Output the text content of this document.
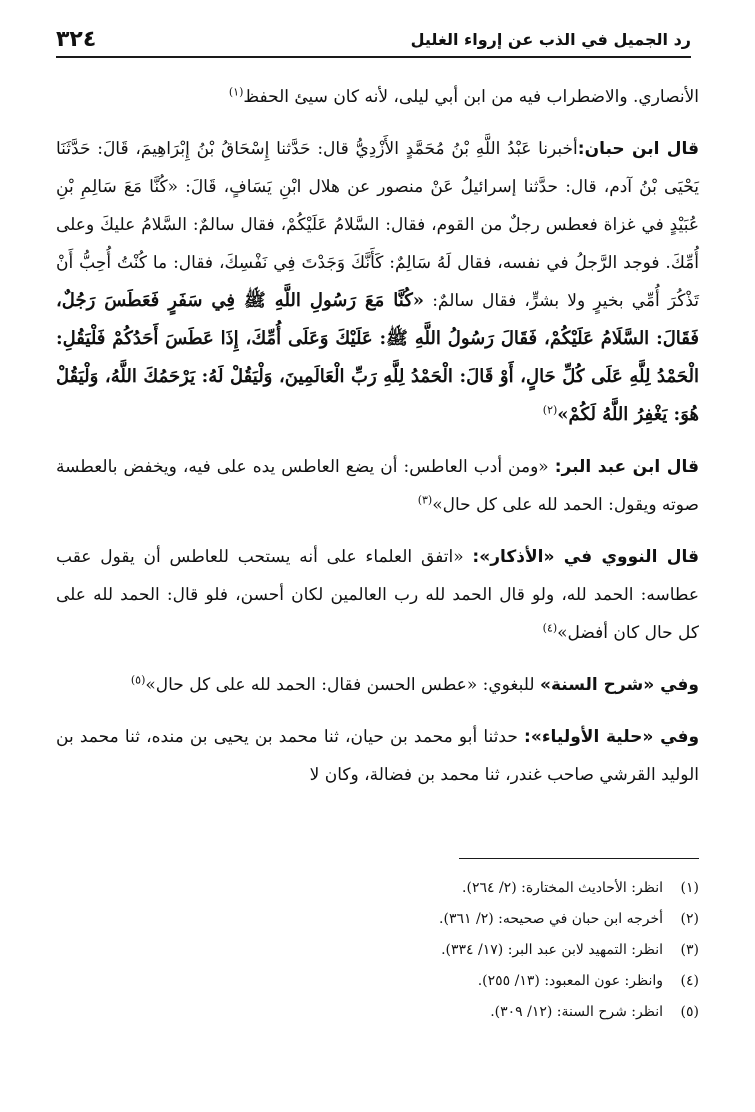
رد الجميل في الذب عن إرواء الغليل
٣٢٤

الأنصاري. والاضطراب فيه من ابن أبي ليلى، لأنه كان سيئ الحفظ$^{(١)}$

قال ابن حبان:أخبرنا عَبْدُ اللَّهِ بْنُ مُحَمَّدٍ الأَزْدِيُّ قال: حَدَّثنا إِسْحَاقُ بْنُ إِبْرَاهِيمَ، قَالَ: حَدَّثَنَا يَحْيَى بْنُ آدم، قال: حدَّثنا إسرائيلُ عَنْ منصور عن هلال ابْنِ يَسَافٍ، قَالَ: «كُنَّا مَعَ سَالِمِ بْنِ عُبَيْدٍ في غزاة فعطس رجلٌ من القوم، فقال: السَّلامُ عَلَيْكُمْ، فقال سالمٌ: السَّلامُ عليكَ وعلى أُمِّكَ. فوجد الرَّجلُ في نفسه، فقال لَهُ سَالِمٌ: كَأَنَّكَ وَجَدْتَ فِي نَفْسِكَ، فقال: ما كُنْتُ أُحِبُّ أَنْ تَذْكُرَ أُمِّي بخيرٍ ولا بشرٍّ، فقال سالمٌ: «كُنَّا مَعَ رَسُولِ اللَّهِ ﷺ فِي سَفَرٍ فَعَطَسَ رَجُلٌ، فَقَالَ: السَّلَامُ عَلَيْكُمْ، فَقَالَ رَسُولُ اللَّهِ ﷺ: عَلَيْكَ وَعَلَى أُمِّكَ، إِذَا عَطَسَ أَحَدُكُمْ فَلْيَقُلِ: الْحَمْدُ لِلَّهِ عَلَى كُلِّ حَالٍ، أَوْ قَالَ: الْحَمْدُ لِلَّهِ رَبِّ الْعَالَمِينَ، وَلْيَقُلْ لَهُ: يَرْحَمُكَ اللَّهُ، وَلْيَقُلْ هُوَ: يَغْفِرُ اللَّهُ لَكُمْ»$^{(٢)}$

قال ابن عبد البر: «ومن أدب العاطس: أن يضع العاطس يده على فيه، ويخفض بالعطسة صوته ويقول: الحمد لله على كل حال»$^{(٣)}$

قال النووي في «الأذكار»: «اتفق العلماء على أنه يستحب للعاطس أن يقول عقب عطاسه: الحمد لله، ولو قال الحمد لله رب العالمين لكان أحسن، فلو قال: الحمد لله على كل حال كان أفضل»$^{(٤)}$

وفي «شرح السنة» للبغوي: «عطس الحسن فقال: الحمد لله على كل حال»$^{(٥)}$

وفي «حلية الأولياء»: حدثنا أبو محمد بن حيان، ثنا محمد بن يحيى بن منده، ثنا محمد بن الوليد القرشي صاحب غندر، ثنا محمد بن فضالة، وكان لا

(١)
انظر: الأحاديث المختارة: (٢/ ٢٦٤).
(٢)
أخرجه ابن حبان في صحيحه: (٢/ ٣٦١).
(٣)
انظر: التمهيد لابن عبد البر: (١٧/ ٣٣٤).
(٤)
وانظر: عون المعبود: (١٣/ ٢٥٥).
(٥)
انظر: شرح السنة: (١٢/ ٣٠٩).
